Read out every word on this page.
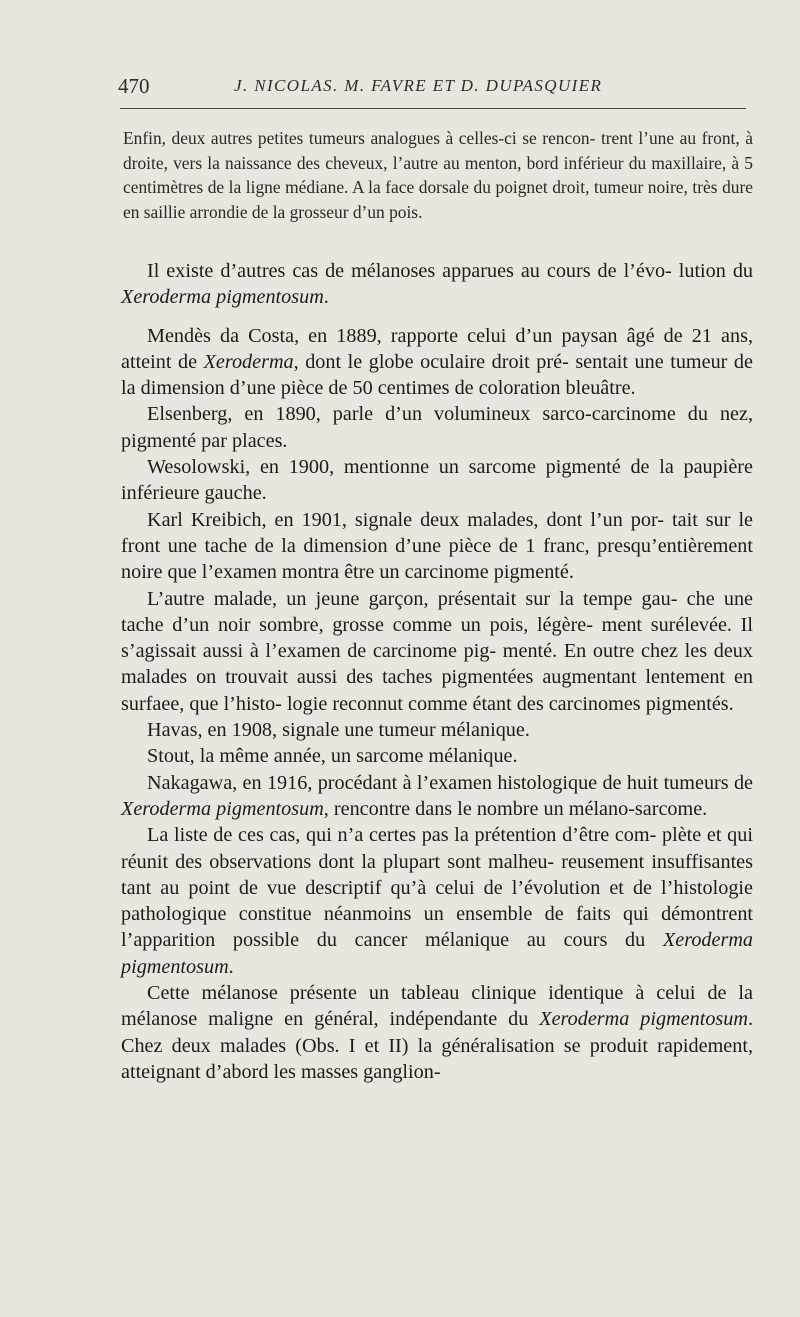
470	J. NICOLAS. M. FAVRE ET D. DUPASQUIER
Enfin, deux autres petites tumeurs analogues à celles-ci se rencon- trent l’une au front, à droite, vers la naissance des cheveux, l’autre au menton, bord inférieur du maxillaire, à 5 centimètres de la ligne médiane. A la face dorsale du poignet droit, tumeur noire, très dure en saillie arrondie de la grosseur d’un pois.

Il existe d’autres cas de mélanoses apparues au cours de l’évo- lution du Xeroderma pigmentosum.

Mendès da Costa, en 1889, rapporte celui d’un paysan âgé de 21 ans, atteint de Xeroderma, dont le globe oculaire droit pré- sentait une tumeur de la dimension d’une pièce de 50 centimes de coloration bleuâtre.

Elsenberg, en 1890, parle d’un volumineux sarco-carcinome du nez, pigmenté par places.

Wesolowski, en 1900, mentionne un sarcome pigmenté de la paupière inférieure gauche.

Karl Kreibich, en 1901, signale deux malades, dont l’un por- tait sur le front une tache de la dimension d’une pièce de 1 franc, presqu’entièrement noire que l’examen montra être un carcinome pigmenté.

L’autre malade, un jeune garçon, présentait sur la tempe gau- che une tache d’un noir sombre, grosse comme un pois, légère- ment surélevée. Il s’agissait aussi à l’examen de carcinome pig- menté. En outre chez les deux malades on trouvait aussi des taches pigmentées augmentant lentement en surfaee, que l’histo- logie reconnut comme étant des carcinomes pigmentés.

Havas, en 1908, signale une tumeur mélanique.

Stout, la même année, un sarcome mélanique.

Nakagawa, en 1916, procédant à l’examen histologique de huit tumeurs de Xeroderma pigmentosum, rencontre dans le nombre un mélano-sarcome.

La liste de ces cas, qui n’a certes pas la prétention d’être com- plète et qui réunit des observations dont la plupart sont malheu- reusement insuffisantes tant au point de vue descriptif qu’à celui de l’évolution et de l’histologie pathologique constitue néanmoins un ensemble de faits qui démontrent l’apparition possible du cancer mélanique au cours du Xeroderma pigmentosum.

Cette mélanose présente un tableau clinique identique à celui de la mélanose maligne en général, indépendante du Xeroderma pigmentosum. Chez deux malades (Obs. I et II) la généralisation se produit rapidement, atteignant d’abord les masses ganglion-
